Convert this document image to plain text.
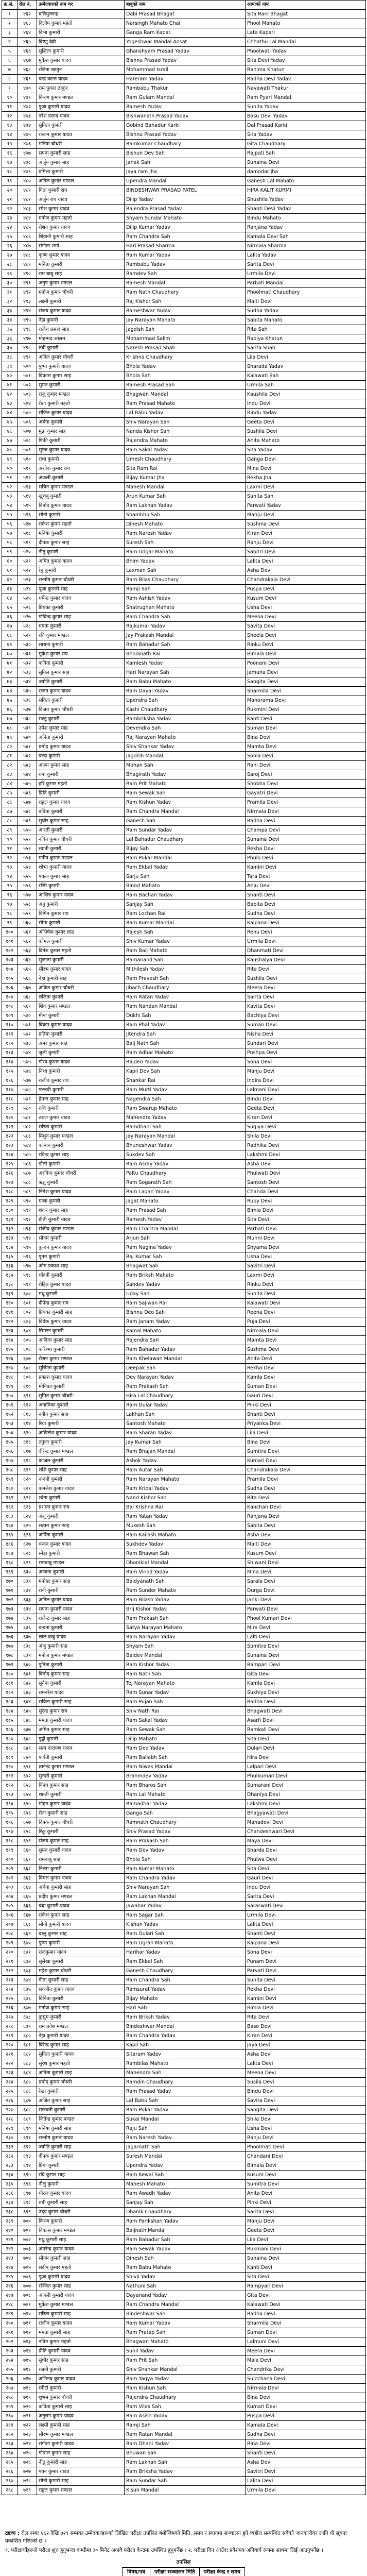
क्र.सं.	रोल नं.	उम्मेदवारको नाम थर	बाबुको नाम	आमाको नाम
१	४६२	बलिमुल्लाह	Dabi Prasad Bhagat	Sita Rani Bhagat
२	४६३	दिलीप कुमार महतो	Narsingh Mahato Chai	Phool Mahato
३	४६४	विभा कुमारी	Ganga Ram Kapat	Lata Kapari
४	४६५	विष्णु देवी	Yogeshwar Mandal Ansat	Chhathu Lal Mandal
५	४६६	सुशिला कुमारी	Ghanshyam Prasad Yadav	Phoolwati Yadav
६	४६७	मुकेश कुमार यादव	Bishnu Prasad Yadav	Sita Devi Yadav
७	४६८	रजिना खातुन	Mohammad Israil	Rahima Khatun
८	४६९	चन्द्र कान्त यादव	Hareram Yadav	Radha Devi Yadav
९	४७०	राम पुकार ठाकुर	Rambabu Thakur	Navawati Thakur
१०	४७१	किरण कुमार मण्डल	Ram Gulam Mandal	Ram Pyari Mandal
११	४७२	पुजा कुमारी यादव	Ramesh Yadav	Sunita Yadav
१२	४७३	नरेश प्रसाद यादव	Bishwanath Prasad Yadav	Basu Devi Yadav
१३	४७४	सुनिता कुमारी	Gobind Bahadur Karki	Dal Prasad Karki
१४	४७५	रञ्जन कुमार यादव	Bishnu Prasad Yadav	Sita Yadav
१५	४७६	मनिषा चौधरी	Ramkumar Chaudhary	Gita Chaudhary
१६	४७७	सपना कुमारी साह	Bishun Dev Sah	Rajpati Sah
१७	४७८	अर्जुन कुमार साह	Janak Sah	Sunaina Devi
१८	४७९	प्रमिला कुमारी	Jaya ram Jha	damodar jha
१९	४८०	अनिल कुमार मण्डल	Upendra Mandal	Ganesh Lal Mahato
२०	४८१	गिता कुमारी राय	BINDESHWAR PRASAD PATEL	HIRA KALIT KURMI
२१	४८२	अर्जुन राय यादव	Dilip Yadav	Shushila Yadav
२२	४८३	रमेश कुमार यादव	Rajendra Prasad Yadav	Shanti Devi Yadav
२३	४८४	मनोज कुमार महतो	Shyam Sundar Mahato	Bindu Mahato
२४	४८५	रोशन कुमार यादव	Dilip Kumar Yadav	Ranjana Yadav
२५	४८६	शिवानी कुमारी साह	Ram Chandra Sah	Kamala Devi Sah
२६	४८७	संगीता शर्मा	Hari Prasad Sharma	Nirmala Sharma
२७	४८८	कृष्ण कुमार यादव	Ram Kumar Yadav	Lalita Yadav
२८	४८९	मनिता कुमारी	Rambabu Yadav	Sarita Devi
२९	४९०	राम बाबु साह	Ramdev Sah	Urmila Devi
३०	४९१	अनुप कुमार मण्डल	Ramesh Mandal	Parbati Mandal
३१	४९२	मनोज कुमार चौधरी	Ram Nath Chaudhary	Phoolmati Chaudhary
३२	४९३	लक्ष्मी कुमारी	Raj Kishor Sah	Malti Devi
३३	४९४	संजय कुमार यादव	Rameshwar Yadav	Sudha Yadav
३४	४९५	नेहा कुमारी	Jay Narayan Mahato	Sabita Mahato
३५	४९६	राजेश प्रसाद साह	Jagdish Sah	Rita Sah
३६	४९७	मोहम्मद आलम	Mohammad Salim	Rabiya Khatun
३७	४९८	रुबी कुमारी	Naresh Prasad Shah	Sarita Shah
३८	४९९	अनिल कुमार चौधरी	Krishna Chaudhary	Lila Devi
३९	५००	पुष्पा कुमारी यादव	Bhola Yadav	Sharada Yadav
४०	५०१	विकास कुमार साह	Bhola Sah	Kalawati Sah
४१	५०२	सुमन कुमारी	Ramesh Prasad Sah	Urmila Sah
४२	५०३	राजु कुमार मण्डल	Bhagwan Mandal	Kaushila Devi
४३	५०४	रीता कुमारी महतो	Ram Prasad Mahato	Indu Devi
४४	५०५	संजित कुमार यादव	Lal Babu Yadav	Bindu Yadav
४५	५०६	अर्चना कुमारी	Shiv Narayan Sah	Geeta Devi
४६	५०७	मुन्ना कुमार साह	Nanda Kishor Sah	Sushila Devi
४७	५०८	पिंकी कुमारी	Rajendra Mahato	Anita Mahato
४८	५०९	सुरज कुमार यादव	Ram Sakal Yadav	Sita Yadav
४९	५१०	राधा कुमारी	Umesh Chaudhary	Ganga Devi
५०	५११	अशोक कुमार राय	Sita Ram Rai	Mina Devi
५१	५१२	अंजली कुमारी	Bijay Kumar Jha	Rekha Jha
५२	५१३	सचिन कुमार मण्डल	Mahesh Mandal	Laxmi Devi
५३	५१४	खुशबु कुमारी	Arun Kumar Sah	Sunita Sah
५४	५१५	विनोद कुमार यादव	Ram Lakhan Yadav	Parwati Yadav
५५	५१६	सोनी कुमारी	Shambhu Sah	Manju Devi
५६	५१७	राकेश कुमार महतो	Dinesh Mahato	Sushma Devi
५७	५१८	मनिषा कुमारी	Ram Naresh Yadav	Kiran Devi
५८	५१९	दीपक कुमार साह	Suresh Sah	Ranju Devi
५९	५२०	नीतु कुमारी	Ram Udgar Mahato	Sabitri Devi
६०	५२१	अमित कुमार यादव	Bhim Yadav	Lalita Devi
६१	५२२	रेनु कुमारी	Laxman Sah	Asha Devi
६२	५२३	सन्तोष कुमार चौधरी	Ram Bilas Chaudhary	Chandrakala Devi
६३	५२४	पूजा कुमारी साह	Ramji Sah	Puspa Devi
६४	५२५	धर्मेन्द्र कुमार यादव	Ram Ashish Yadav	Kusum Devi
६५	५२६	प्रियंका कुमारी	Shatrughan Mahato	Usha Devi
६६	५२७	गोविन्द कुमार साह	Ram Chandra Sah	Meena Devi
६७	५२८	ममता कुमारी	Rajkumar Yadav	Savita Devi
६८	५२९	रवि कुमार मण्डल	Jay Prakash Mandal	Sheela Devi
६९	५३०	साधना कुमारी	Ram Bahadur Sah	Rinku Devi
७०	५३१	मुकेश कुमार राय	Bholanath Rai	Bimala Devi
७१	५३२	कविता कुमारी	Kamlesh Yadav	Poonam Devi
७२	५३३	सुनिल कुमार साह	Hari Narayan Sah	Jamuna Devi
७३	५३४	ज्योति कुमारी	Ram Babu Mahato	Sangita Devi
७४	५३५	राजन कुमार यादव	Ram Dayal Yadav	Sharmila Devi
७५	५३६	सविता कुमारी	Upendra Sah	Manorama Devi
७६	५३७	विजय कुमार चौधरी	Kashi Chaudhary	Rukmini Devi
७७	५३८	रञ्जु कुमारी	Rambriksha Yadav	Kanti Devi
७८	५३९	उमेश कुमार साह	Devendra Sah	Suman Devi
७९	५४०	अनिता कुमारी	Raj Narayan Mahato	Bina Devi
८०	५४१	प्रमोद कुमार यादव	Shiv Shankar Yadav	Mamta Devi
८१	५४२	चन्दा कुमारी	Jagdish Mandal	Sonia Devi
८२	५४३	अजय कुमार साह	Mohan Sah	Rani Devi
८३	५४४	रुपा कुमारी	Bhagirath Yadav	Saroj Devi
८४	५४५	हरि कुमार महतो	Ram Prit Mahato	Shobha Devi
८५	५४६	प्रिति कुमारी	Ram Sewak Sah	Gayatri Devi
८६	५४७	राहुल कुमार यादव	Ram Kishun Yadav	Pramila Devi
८७	५४८	बबिता कुमारी	Ram Chandra Mandal	Nirmala Devi
८८	५४९	सुधीर कुमार साह	Ganesh Sah	Radha Devi
८९	५५०	आरती कुमारी	Ram Sundar Yadav	Champa Devi
९०	५५१	नविन कुमार चौधरी	Lal Bahadur Chaudhary	Sunaina Devi
९१	५५२	स्वाती कुमारी	Bijay Sah	Rekha Devi
९२	५५३	मनीष कुमार मण्डल	Ram Pukar Mandal	Phulo Devi
९३	५५४	शोभा कुमारी यादव	Ram Ekbal Yadav	Kamini Devi
९४	५५५	पंकज कुमार साह	Sarju Sah	Tara Devi
९५	५५६	रश्मि कुमारी	Binod Mahato	Anju Devi
९६	५५७	आशिष कुमार यादव	Ram Bachan Yadav	Shanti Devi
९७	५५८	अनु कुमारी	Sanjay Sah	Babita Devi
९८	५५९	विपिन कुमार राय	Ram Lochan Rai	Sudha Devi
९९	५६०	सीमा कुमारी	Ram Kumar Mandal	Kalpana Devi
१००	५६१	अभिषेक कुमार साह	Rajesh Sah	Renu Devi
१०१	५६२	कोमल कुमारी	Shiv Kumar Yadav	Urmila Devi
१०२	५६३	दिनेश कुमार महतो	Ram Bali Mahato	Dhanmati Devi
१०३	५६४	सुजाता कुमारी	Ramanand Sah	Kaushalya Devi
१०४	५६५	सौरभ कुमार यादव	Mithilesh Yadav	Rita Devi
१०५	५६६	नेहा कुमारी साह	Ram Pravesh Sah	Sushila Devi
१०६	५६७	अंकित कुमार चौधरी	Jibach Chaudhary	Meera Devi
१०७	५६८	ललिता कुमारी	Ram Ratan Yadav	Sarita Devi
१०८	५६९	शिव कुमार मण्डल	Ram Nandan Mandal	Kavita Devi
१०९	५७०	मीना कुमारी	Dukhi Sah	Bachiya Devi
११०	५७१	बिक्रम कुमार यादव	Ram Phal Yadav	Suman Devi
१११	५७२	प्रतिमा कुमारी	Jitendra Sah	Nisha Devi
११२	५७३	अमर कुमार साह	Baij Nath Sah	Sundari Devi
११३	५७४	जुली कुमारी	Ram Adhar Mahato	Pushpa Devi
११४	५७५	गौरव कुमार यादव	Rajdeo Yadav	Sona Devi
११५	५७६	निशा कुमारी	Kapil Dev Sah	Manju Devi
११६	५७७	राजीव कुमार राय	Shankar Rai	Indira Devi
११७	५७८	पल्लवी कुमारी	Ram Murti Yadav	Lalmani Devi
११८	५७९	हेमन्त कुमार साह	Nagendra Sah	Bindu Devi
११९	५८०	रुचि कुमारी	Ram Swarup Mahato	Geeta Devi
१२०	५८१	तरुण कुमार यादव	Mahendra Yadav	Kiran Devi
१२१	५८२	सरिता कुमारी	Ramdhani Sah	Sugiya Devi
१२२	५८३	मिथुन कुमार मण्डल	Jay Narayan Mandal	Shila Devi
१२३	५८४	कञ्चन कुमारी	Bhuneshwar Yadav	Radhika Devi
१२४	५८५	रविन्द्र कुमार साह	Sukdev Sah	Lakshmi Devi
१२५	५८६	डोली कुमारी	Ram Asray Yadav	Asha Devi
१२६	५८७	अरविन्द कुमार चौधरी	Paltu Chaudhary	Phulwati Devi
१२७	५८८	ऋतु कुमारी	Ram Sogarath Sah	Santosh Devi
१२८	५८९	नितेश कुमार यादव	Ram Lagan Yadav	Chanda Devi
१२९	५९०	माला कुमारी	Jagat Mahato	Ruby Devi
१३०	५९१	शंकर कुमार साह	Ram Prasad Sah	Bimla Devi
१३१	५९२	प्रीती कुमारी यादव	Ramesh Yadav	Sita Devi
१३२	५९३	संजीव कुमार मण्डल	Ram Charitra Mandal	Parbati Devi
१३३	५९४	सोनम कुमारी	Arjun Sah	Munni Devi
१३४	५९५	कुन्दन कुमार यादव	Ram Nagina Yadav	Shyama Devi
१३५	५९६	पूनम कुमारी	Raj Kumar Sah	Usha Devi
१३६	५९७	ओम प्रकाश साह	Bhagwat Sah	Savitri Devi
१३७	५९८	चाँदनी कुमारी	Ram Briksh Mahato	Laxmi Devi
१३८	५९९	रोहित कुमार यादव	Sahdev Yadav	Rinku Devi
१३९	६००	मधु कुमारी	Uday Sah	Sunita Devi
१४०	६०१	दीपेन्द्र कुमार राय	Ram Sajiwan Rai	Kalawati Devi
१४१	६०२	प्रियंका कुमारी साह	Bishnu Deo Sah	Reena Devi
१४२	६०३	विवेक कुमार यादव	Ram Janam Yadav	Puja Devi
१४३	६०४	सिमरन कुमारी	Kamal Mahato	Nirmala Devi
१४४	६०५	आदित्य कुमार साह	Rajendra Sah	Mamta Devi
१४५	६०६	करिश्मा कुमारी	Ram Bahadur Yadav	Sushma Devi
१४६	६०७	रौशन कुमार मण्डल	Ram Khelawan Mandal	Anita Devi
१४७	६०८	सुष्मिता कुमारी	Deepak Sah	Rekha Devi
१४८	६०९	प्रकाश कुमार यादव	Dev Narayan Yadav	Kamla Devi
१४९	६१०	मोनिका कुमारी	Ram Prakash Sah	Suman Devi
१५०	६११	सुमित कुमार चौधरी	Hira Lal Chaudhary	Gauri Devi
१५१	६१२	अनामिका कुमारी	Ram Dular Yadav	Pinki Devi
१५२	६१३	नवीन कुमार साह	Lakhan Sah	Shanti Devi
१५३	६१४	रिया कुमारी	Santosh Mahato	Priyanka Devi
१५४	६१५	अखिलेश कुमार यादव	Ram Sharan Yadav	Lila Devi
१५५	६१६	तनुजा कुमारी	Jay Kumar Sah	Bina Devi
१५६	६१७	वीरेन्द्र कुमार मण्डल	Ram Bhajan Mandal	Sumitra Devi
१५७	६१८	काजल कुमारी	Ashok Yadav	Kumari Devi
१५८	६१९	शशि कुमार साह	Ram Autar Sah	Chandrakala Devi
१५९	६२०	नन्दनी कुमारी	Ram Narayan Mahato	Pramila Devi
१६०	६२१	कमलेश कुमार यादव	Ram Kripal Yadav	Sudha Devi
१६१	६२२	श्वेता कुमारी	Nand Kishor Sah	Rita Devi
१६२	६२३	प्रशान्त कुमार राय	Bal Krishna Rai	Kanchan Devi
१६३	६२४	अंशु कुमारी	Ram Yatan Yadav	Ranjana Devi
१६४	६२५	सत्यम कुमार साह	Mukesh Sah	Sabita Devi
१६५	६२६	अर्पिता कुमारी	Ram Kailash Mahato	Asha Devi
१६६	६२७	चन्दन कुमार यादव	Sukhdev Yadav	Malti Devi
१६७	६२८	स्नेहा कुमारी	Ram Bhawan Sah	Kusum Devi
१६८	६२९	रामबाबु मण्डल	Dhaniklal Mandal	Shiwani Devi
१६९	६३०	अन्जना कुमारी	Ram Vinod Yadav	Mina Devi
१७०	६३१	मनोहर कुमार साह	Baidyanath Sah	Sarala Devi
१७१	६३२	रानी कुमारी	Ram Sunder Mahato	Durga Devi
१७२	६३३	अनिल कुमार यादव	Ram Bilash Yadav	Janki Devi
१७३	६३४	सपना कुमारी यादव	Brij Kishor Yadav	Parwati Devi
१७४	६३५	राजेन्द्र कुमार साह	Ram Prakash Sah	Phool Kumari Devi
१७५	६३६	बन्दना कुमारी	Satya Narayan Mahato	Mira Devi
१७६	६३७	लाल बाबु यादव	Ram Narayan Yadav	Lalti Devi
१७७	६३८	अंजु कुमारी साह	Shyam Sah	Sumitra Devi
१७८	६३९	मनोज कुमार मण्डल	Baldev Mandal	Sunaina Devi
१७९	६४०	पुनिता कुमारी	Ram Kishor Yadav	Rampari Devi
१८०	६४१	बिनोद कुमार साह	Ram Nath Sah	Gita Devi
१८१	६४२	सुनैना कुमारी	Tej Narayan Mahato	Kamla Devi
१८२	६४३	रामनरेश यादव	Ram Sunar Yadav	Sukhiya Devi
१८३	६४४	सविता कुमारी साह	Ram Pujan Sah	Radha Devi
१८४	६४५	सुरेन्द्र कुमार राय	Shiv Nath Rai	Bhagwati Devi
१८५	६४६	ममता कुमारी यादव	Ram Sakal Yadav	Asarfi Devi
१८६	६४७	अमित कुमार साह	Ram Sewak Sah	Ramkali Devi
१८७	६४८	गुड्डी कुमारी	Dilip Mahato	Sita Devi
१८८	६४९	सत्य नारायण यादव	Ram Deo Yadav	Dulari Devi
१८९	६५०	पार्वती कुमारी	Ram Ballabh Sah	Hira Devi
१९०	६५१	ज्ञानेन्द्र कुमार मण्डल	Ram Niwas Mandal	Lalpari Devi
१९१	६५२	सुन्दरी कुमारी	Brahmdev Yadav	Phulkumari Devi
१९२	६५३	विनय कुमार साह	Ram Bharos Sah	Sumarani Devi
१९३	६५४	शान्ती कुमारी	Ram Lal Mahato	Dhaniya Devi
१९४	६५५	मोहन कुमार यादव	Ramadhar Yadav	Lakshmi Devi
१९५	६५६	रीना कुमारी साह	Ganga Sah	Bhagyawati Devi
१९६	६५७	दिपक कुमार चौधरी	Ramnath Chaudhary	Mahadevi Devi
१९७	६५८	रिंकु कुमारी	Shiv Prasad Yadav	Chandeshwari Devi
१९८	६५९	संजय कुमार साह	Ram Prakash Sah	Maya Devi
१९९	६६०	सुमन कुमारी यादव	Ram Dev Yadav	Sharda Devi
२००	६६१	रामबाबु साह	Bhola Sah	Phulwa Devi
२०१	६६२	निलम कुमारी	Ram Kumar Mahato	Sita Devi
२०२	६६३	विमल कुमार यादव	Ram Chandra Yadav	Gauri Devi
२०३	६६४	अर्चना कुमारी साह	Shiv Narayan Sah	Indu Devi
२०४	६६५	प्रदीप कुमार मण्डल	Ram Lakhan Mandal	Sarita Devi
२०५	६६६	चंदा कुमारी यादव	Jawahar Yadav	Saraswati Devi
२०६	६६७	राकेश कुमार साह	Ram Sagar Sah	Urmila Devi
२०७	६६८	सोनी कुमारी यादव	Kishun Yadav	Lalita Devi
२०८	६६९	बब्लु कुमार साह	Ram Dulari Sah	Shanti Devi
२०९	६७०	पुष्पा कुमारी	Ram Ugrah Mahato	Kalpana Devi
२१०	६७१	राजकुमार यादव	Harihar Yadav	Sona Devi
२११	६७२	सुलेखा कुमारी	Ram Ekbal Sah	Punam Devi
२१२	६७३	महेश कुमार चौधरी	Ganesh Chaudhary	Parvati Devi
२१३	६७४	गीता कुमारी साह	Ram Chandra Sah	Sunita Devi
२१४	६७५	सञ्जीत कुमार यादव	Ramsurat Yadav	Rekha Devi
२१५	६७६	विनिता कुमारी	Bijay Mahato	Kamini Devi
२१६	६७७	मनोज कुमार साह	Hari Sah	Bimla Devi
२१७	६७८	कुसुम कुमारी	Ram Briksh Yadav	Rita Devi
२१८	६७९	राम प्रवेश मण्डल	Bindeshwar Mandal	Baso Devi
२१९	६८०	नेहा कुमारी यादव	Ram Chandra Yadav	Kiran Devi
२२०	६८१	बिरेन्द्र कुमार साह	Kapil Sah	Jaya Devi
२२१	६८२	सुनिता कुमारी यादव	Sitaram Yadav	Asha Devi
२२२	६८३	सुरेश कुमार महतो	Rambilas Mahato	Lalita Devi
२२३	६८४	अनिता कुमारी साह	Mahendra Sah	Meena Devi
२२४	६८५	प्रमोद कुमार चौधरी	Ramdin Chaudhary	Susila Devi
२२५	६८६	रेखा कुमारी	Ram Prasad Yadav	Bindu Devi
२२६	६८७	अजित कुमार साह	Lal Babu Sah	Savita Devi
२२७	६८८	सरस्वती कुमारी	Ram Pukar Yadav	Sangita Devi
२२८	६८९	जितेन्द्र कुमार मण्डल	Sukai Mandal	Shila Devi
२२९	६९०	मनिषा कुमारी साह	Raju Sah	Usha Devi
२३०	६९१	सन्तोष कुमार यादव	Ram Naresh Yadav	Ranju Devi
२३१	६९२	ज्योति कुमारी साह	Jagarnath Sah	Phoolmati Devi
२३२	६९३	दीपक कुमार मण्डल	Suresh Mandal	Chandani Devi
२३३	६९४	प्रिया कुमारी	Upendra Yadav	Bimala Devi
२३४	६९५	रवि कुमार साह	Ram Kewal Sah	Kusum Devi
२३५	६९६	नीलु कुमारी	Mahesh Mahato	Sumitra Devi
२३६	६९७	धीरज कुमार यादव	Ram Awadh Yadav	Anita Devi
२३७	६९८	रुबी कुमारी साह	Sanjay Sah	Pinki Devi
२३८	६९९	उदय कुमार चौधरी	Dhanik Chaudhary	Sarita Devi
२३९	७००	किरण कुमारी	Ram Parikshan Yadav	Manju Devi
२४०	७०१	विकास कुमार मण्डल	Baijnath Mandal	Geeta Devi
२४१	७०२	मधु कुमारी साह	Ram Bahadur Sah	Lila Devi
२४२	७०३	अमरेन्द्र कुमार यादव	Ram Sewak Yadav	Rukmani Devi
२४३	७०४	सोनम कुमारी साह	Dinesh Sah	Sunaina Devi
२४४	७०५	संदीप कुमार महतो	Ram Babu Mahato	Kanti Devi
२४५	७०६	पूजा कुमारी यादव	Shivji Yadav	Sita Devi
२४६	७०७	रञ्जित कुमार साह	Nathuni Sah	Rampyari Devi
२४७	७०८	अंजली कुमारी यादव	Dayanand Yadav	Gita Devi
२४८	७०९	मुकेश कुमार मण्डल	Ram Chandra Mandal	Kalawati Devi
२४९	७१०	सरिता कुमारी साह	Bindeshwar Sah	Radha Devi
२५०	७११	राजीव कुमार यादव	Ram Kumar Yadav	Sharmila Devi
२५१	७१२	ममता कुमारी साह	Ram Pratap Sah	Suman Devi
२५२	७१३	नविन कुमार महतो	Bhagwan Mahato	Lalmuni Devi
२५३	७१४	प्रीति कुमारी यादव	Sunil Yadav	Meera Devi
२५४	७१५	सुधीर कुमार साह	Ram Prit Sah	Mala Devi
२५५	७१६	रजनी कुमारी	Shiv Shankar Mandal	Chandrika Devi
२५६	७१७	अभिनव कुमार यादव	Ram Yagya Yadav	Sulochana Devi
२५७	७१८	स्वीटी कुमारी	Ram Kishun Sah	Nirmala Devi
२५८	७१९	शुभम कुमार चौधरी	Rajendra Chaudhary	Bina Devi
२५९	७२०	कविता कुमारी साह	Ram Vilas Sah	Kumari Devi
२६०	७२१	अनुराग कुमार यादव	Ram Asish Yadav	Puspa Devi
२६१	७२२	लक्ष्मी कुमारी साह	Ramji Sah	Kamala Devi
२६२	७२३	सौरभ कुमार मण्डल	Ram Ratan Mandal	Sudha Devi
२६३	७२४	संगीता कुमारी यादव	Ram Dhani Yadav	Rina Devi
२६४	७२५	गोपाल कुमार साह	Bhuwan Sah	Shanti Devi
२६५	७२६	नीतु कुमारी साह	Ram Lakhan Sah	Asha Devi
२६६	७२७	पवन कुमार यादव	Ram Briksha Yadav	Savitri Devi
२६७	७२८	सोनी कुमारी साह	Ram Sundar Sah	Lalita Devi
२६८	७२९	राहुल कुमार मण्डल	Kisun Mandal	Urmila Devi

द्रष्टव्य : रोल नम्बर ४६२ देखि ७२९ सम्मका उम्मेदवारहरूको लिखित परीक्षा तपसिल बमोजिमको मिति, समय र स्थानमा सञ्चालन हुने व्यहोरा सम्बन्धित सबैको जानकारीका लागि यो सूचना प्रकाशित गरिएको छ ।

१. परीक्षार्थीहरूले परीक्षा शुरु हुनुभन्दा कम्तीमा ३० मिनेट अगावै परीक्षा केन्द्रमा उपस्थित हुनुपर्नेछ । २. परीक्षा दिन आउँदा प्रवेशपत्र अनिवार्य रूपमा साथमा लिई आउनुपर्नेछ ।

तपसिल
विषय/पत्र	परीक्षा सञ्चालन मिति	परीक्षा केन्द्र र समय
